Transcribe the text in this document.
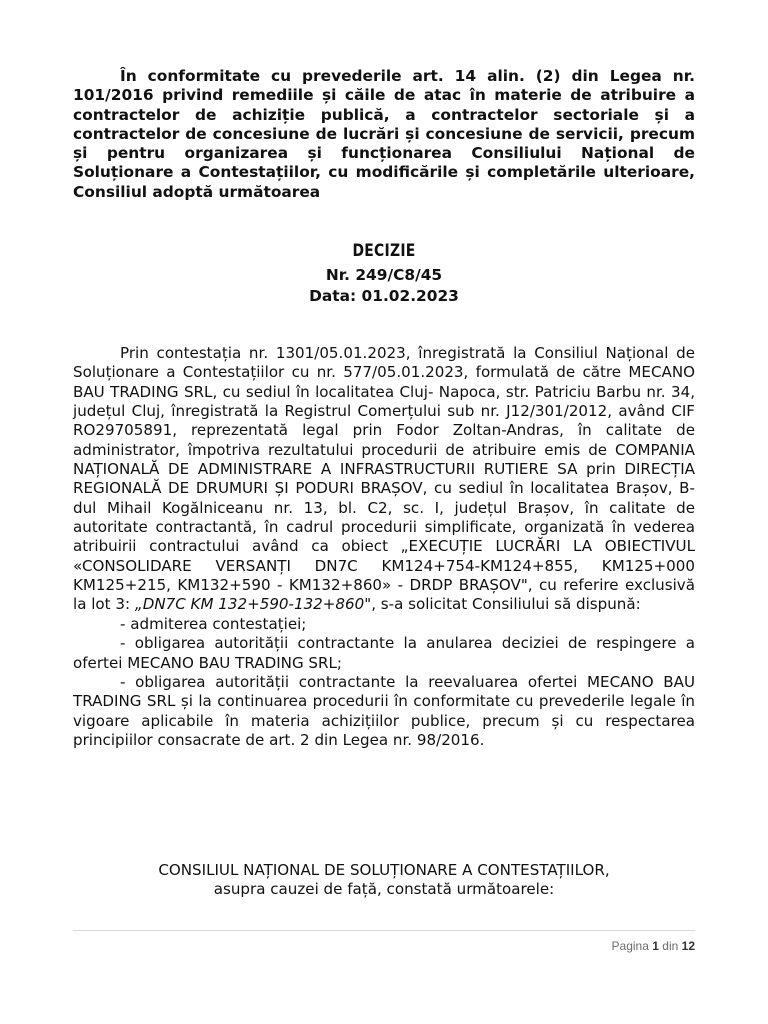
În conformitate cu prevederile art. 14 alin. (2) din Legea nr. 101/2016 privind remediile și căile de atac în materie de atribuire a contractelor de achiziție publică, a contractelor sectoriale și a contractelor de concesiune de lucrări și concesiune de servicii, precum și pentru organizarea și funcționarea Consiliului Național de Soluționare a Contestațiilor, cu modificările și completările ulterioare, Consiliul adoptă următoarea

DECIZIE
Nr. 249/C8/45
Data: 01.02.2023

Prin contestația nr. 1301/05.01.2023, înregistrată la Consiliul Național de Soluționare a Contestațiilor cu nr. 577/05.01.2023, formulată de către MECANO BAU TRADING SRL, cu sediul în localitatea Cluj- Napoca, str. Patriciu Barbu nr. 34, județul Cluj, înregistrată la Registrul Comerțului sub nr. J12/301/2012, având CIF RO29705891, reprezentată legal prin Fodor Zoltan-Andras, în calitate de administrator, împotriva rezultatului procedurii de atribuire emis de COMPANIA NAȚIONALĂ DE ADMINISTRARE A INFRASTRUCTURII RUTIERE SA prin DIRECȚIA REGIONALĂ DE DRUMURI ȘI PODURI BRAȘOV, cu sediul în localitatea Brașov, B-dul Mihail Kogălniceanu nr. 13, bl. C2, sc. I, județul Brașov, în calitate de autoritate contractantă, în cadrul procedurii simplificate, organizată în vederea atribuirii contractului având ca obiect „EXECUȚIE LUCRĂRI LA OBIECTIVUL «CONSOLIDARE VERSANȚI DN7C KM124+754-KM124+855, KM125+000 KM125+215, KM132+590 - KM132+860» - DRDP BRAȘOV", cu referire exclusivă la lot 3: „DN7C KM 132+590-132+860", s-a solicitat Consiliului să dispună:

- admiterea contestației;

- obligarea autorității contractante la anularea deciziei de respingere a ofertei MECANO BAU TRADING SRL;

- obligarea autorității contractante la reevaluarea ofertei MECANO BAU TRADING SRL și la continuarea procedurii în conformitate cu prevederile legale în vigoare aplicabile în materia achizițiilor publice, precum și cu respectarea principiilor consacrate de art. 2 din Legea nr. 98/2016.

CONSILIUL NAȚIONAL DE SOLUȚIONARE A CONTESTAȚIILOR,
asupra cauzei de față, constată următoarele:
Pagina 1 din 12
